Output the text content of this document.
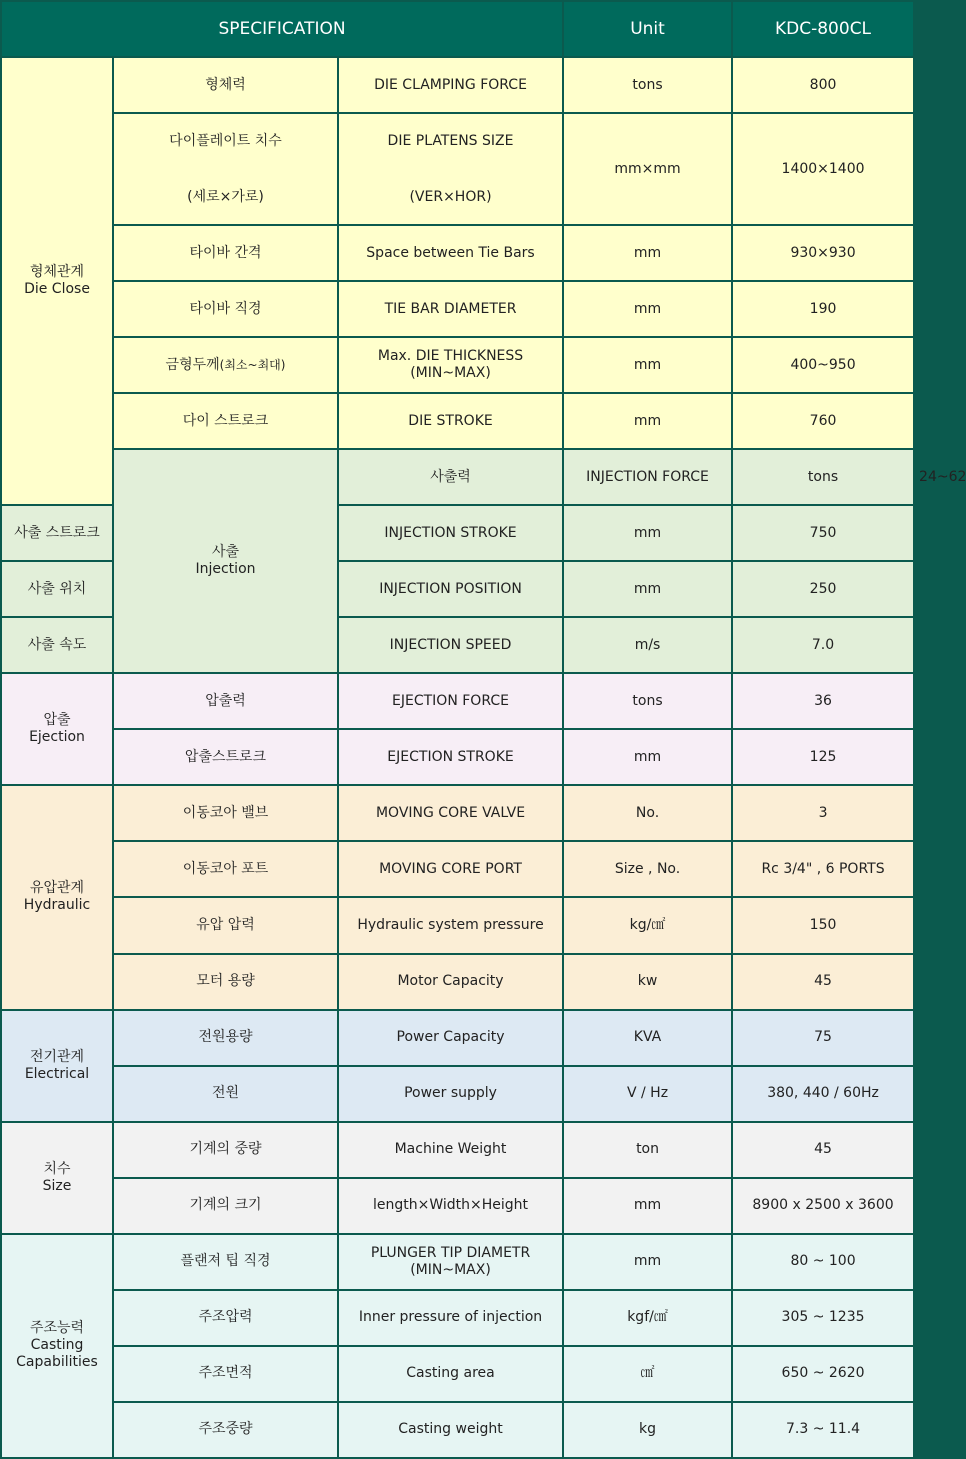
SPECIFICATION			Unit	KDC-800CL	

형체관계
Die Close	형체력	DIE CLAMPING FORCE	tons	800	

	다이플레이트 치수
(세로×가로)	DIE PLATENS SIZE
(VER×HOR)	mm×mm	1400×1400	
	타이바 간격	Space between Tie Bars	mm	930×930	
	타이바 직경	TIE BAR DIAMETER	mm	190	
	금형두께(최소~최대)	Max. DIE THICKNESS
(MIN~MAX)	mm	400~950	
	다이 스트로크	DIE STROKE	mm	760	

	사출
Injection	사출력	INJECTION FORCE	tons	24~62
사출 스트로크		INJECTION STROKE	mm	750	
사출 위치		INJECTION POSITION	mm	250	
사출 속도		INJECTION SPEED	m/s	7.0	

압출
Ejection	압출력	EJECTION FORCE	tons	36	
	압출스트로크	EJECTION STROKE	mm	125	

유압관계
Hydraulic	이동코아 밸브	MOVING CORE VALVE	No.	3	
	이동코아 포트	MOVING CORE PORT	Size , No.	Rc 3/4" , 6 PORTS	
	유압 압력	Hydraulic system pressure	kg/㎠	150	
	모터 용량	Motor Capacity	kw	45	

전기관계
Electrical	전원용량	Power Capacity	KVA	75	
	전원	Power supply	V / Hz	380, 440 / 60Hz	

치수
Size	기계의 중량	Machine Weight	ton	45	
	기계의 크기	length×Width×Height	mm	8900 x 2500 x 3600	

주조능력
Casting
Capabilities	플랜져 팁 직경	PLUNGER TIP DIAMETR
(MIN~MAX)	mm	80 ~ 100	
	주조압력	Inner pressure of injection	kgf/㎠	305 ~ 1235	
	주조면적	Casting area	㎠	650 ~ 2620	
	주조중량	Casting weight	kg	7.3 ~ 11.4	
